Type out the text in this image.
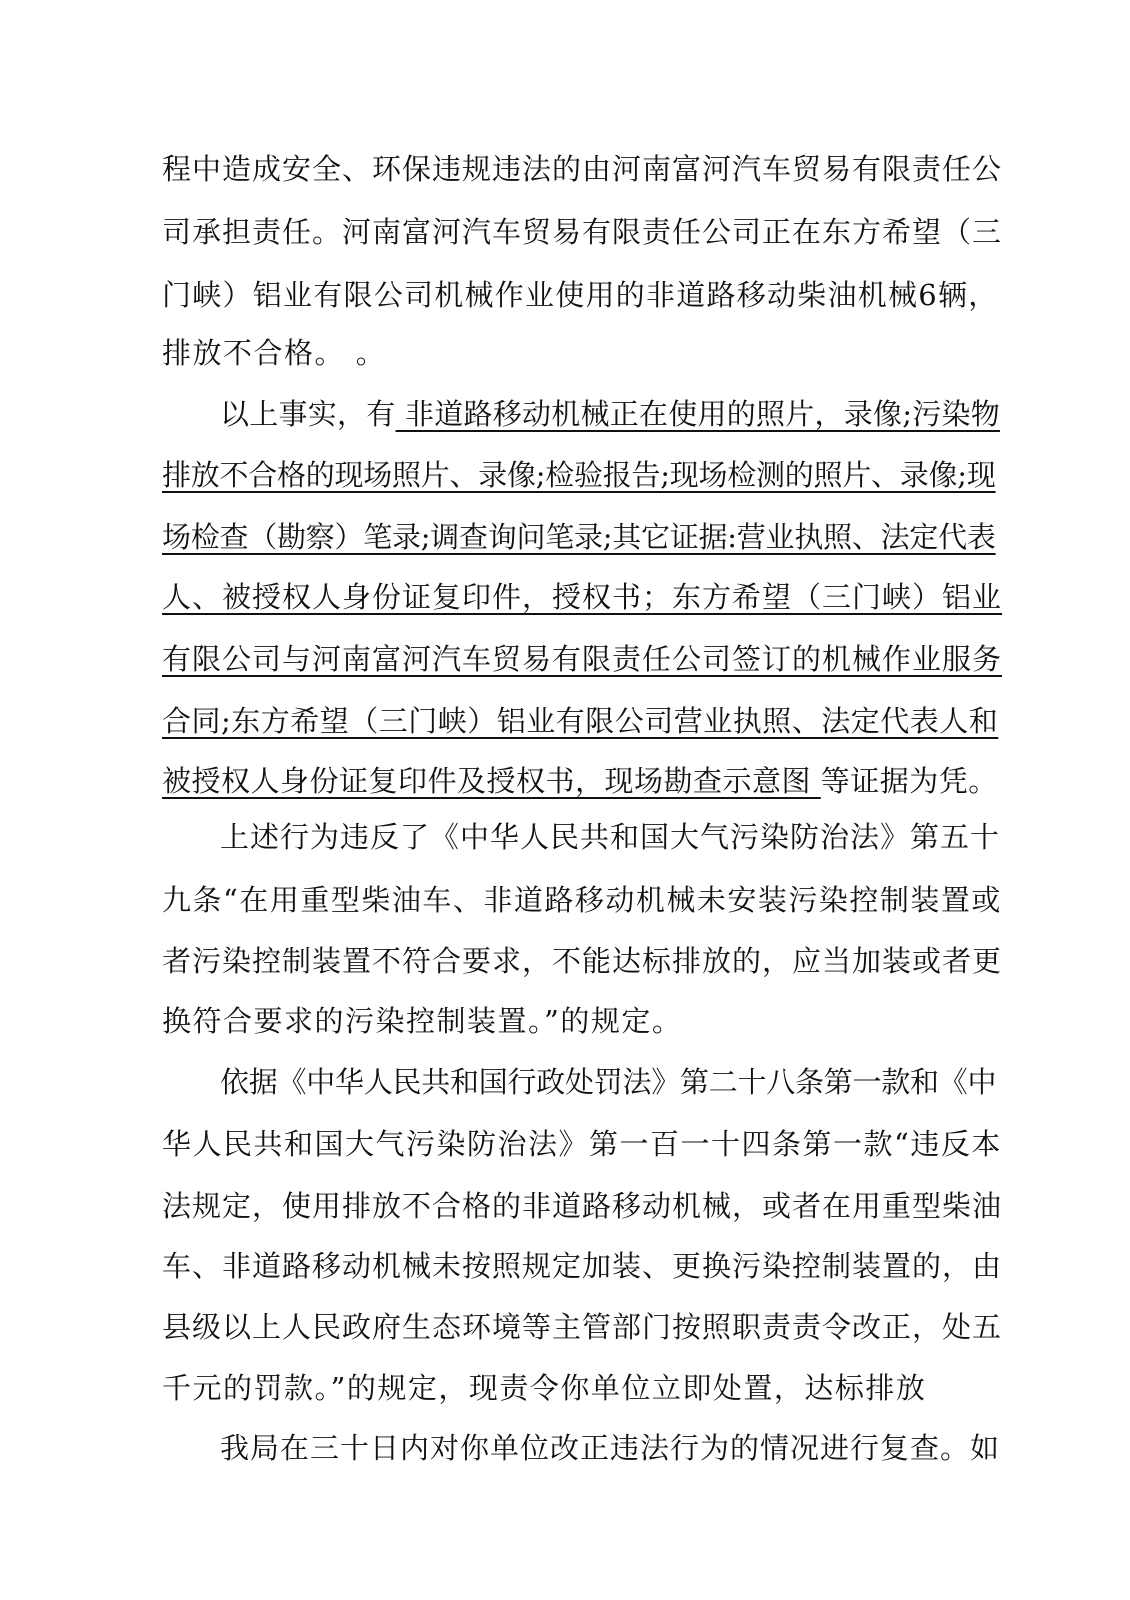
程中造成安全、环保违规违法的由河南富河汽车贸易有限责任公
司承担责任。河南富河汽车贸易有限责任公司正在东方希望（三
门峡）铝业有限公司机械作业使用的非道路移动柴油机械6辆，
排放不合格。 。
以上事实，有 非道路移动机械正在使用的照片，录像;污染物
排放不合格的现场照片、录像;检验报告;现场检测的照片、录像;现
场检查（勘察）笔录;调查询问笔录;其它证据:营业执照、法定代表
人、被授权人身份证复印件，授权书；东方希望（三门峡）铝业
有限公司与河南富河汽车贸易有限责任公司签订的机械作业服务
合同;东方希望（三门峡）铝业有限公司营业执照、法定代表人和
被授权人身份证复印件及授权书，现场勘查示意图 等证据为凭。
上述行为违反了《中华人民共和国大气污染防治法》第五十
九条“在用重型柴油车、非道路移动机械未安装污染控制装置或
者污染控制装置不符合要求，不能达标排放的，应当加装或者更
换符合要求的污染控制装置。”的规定。
依据《中华人民共和国行政处罚法》第二十八条第一款和《中
华人民共和国大气污染防治法》第一百一十四条第一款“违反本
法规定，使用排放不合格的非道路移动机械，或者在用重型柴油
车、非道路移动机械未按照规定加装、更换污染控制装置的，由
县级以上人民政府生态环境等主管部门按照职责责令改正，处五
千元的罚款。”的规定，现责令你单位立即处置，达标排放
我局在三十日内对你单位改正违法行为的情况进行复查。如
